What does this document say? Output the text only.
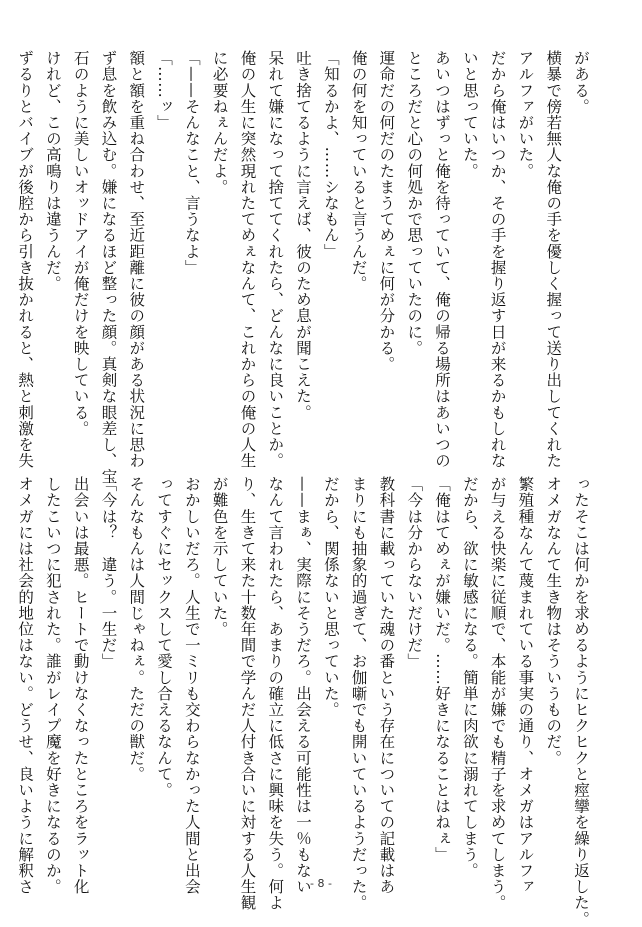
がある。
横暴で傍若無人な俺の手を優しく握って送り出してくれた
アルファがいた。
だから俺はいつか、その手を握り返す日が来るかもしれな
いと思っていた。
あいつはずっと俺を待っていて、俺の帰る場所はあいつの
ところだと心の何処かで思っていたのに。
運命だの何だのたまうてめぇに何が分かる。
俺の何を知っていると言うんだ。
「知るかよ、……シなもん」
吐き捨てるように言えば、彼のため息が聞こえた。
呆れて嫌になって捨ててくれたら、どんなに良いことか。
俺の人生に突然現れたてめぇなんて、これからの俺の人生
に必要ねぇんだよ。
「——そんなこと、言うなよ」
「……ッ」
額と額を重ね合わせ、至近距離に彼の顔がある状況に思わ
ず息を飲み込む。嫌になるほど整った顔。真剣な眼差し、宝
石のように美しいオッドアイが俺だけを映している。
けれど、この高鳴りは違うんだ。
ずるりとバイブが後腔から引き抜かれると、熱と刺激を失
ったそこは何かを求めるようにヒクヒクと痙攣を繰り返した。
オメガなんて生き物はそういうものだ。
繁殖種なんて蔑まれている事実の通り、オメガはアルファ
が与える快楽に従順で、本能が嫌でも精子を求めてしまう。
だから、欲に敏感になる。簡単に肉欲に溺れてしまう。
「俺はてめぇが嫌いだ。……好きになることはねぇ」
「今は分からないだけだ」
教科書に載っていた魂の番という存在についての記載はあ
まりにも抽象的過ぎて、お伽噺でも開いているようだった。
だから、関係ないと思っていた。
——まぁ、実際にそうだろ。出会える可能性は一％もない
なんて言われたら、あまりの確立に低さに興味を失う。何よ
り、生きて来た十数年間で学んだ人付き合いに対する人生観
が難色を示していた。
おかしいだろ。人生で一ミリも交わらなかった人間と出会
ってすぐにセックスして愛し合えるなんて。
そんなもんは人間じゃねぇ。ただの獣だ。
「今は？　違う。一生だ」
出会いは最悪。ヒートで動けなくなったところをラット化
したこいつに犯された。誰がレイプ魔を好きになるのか。
オメガには社会的地位はない。どうせ、良いように解釈さ	- 8 -
